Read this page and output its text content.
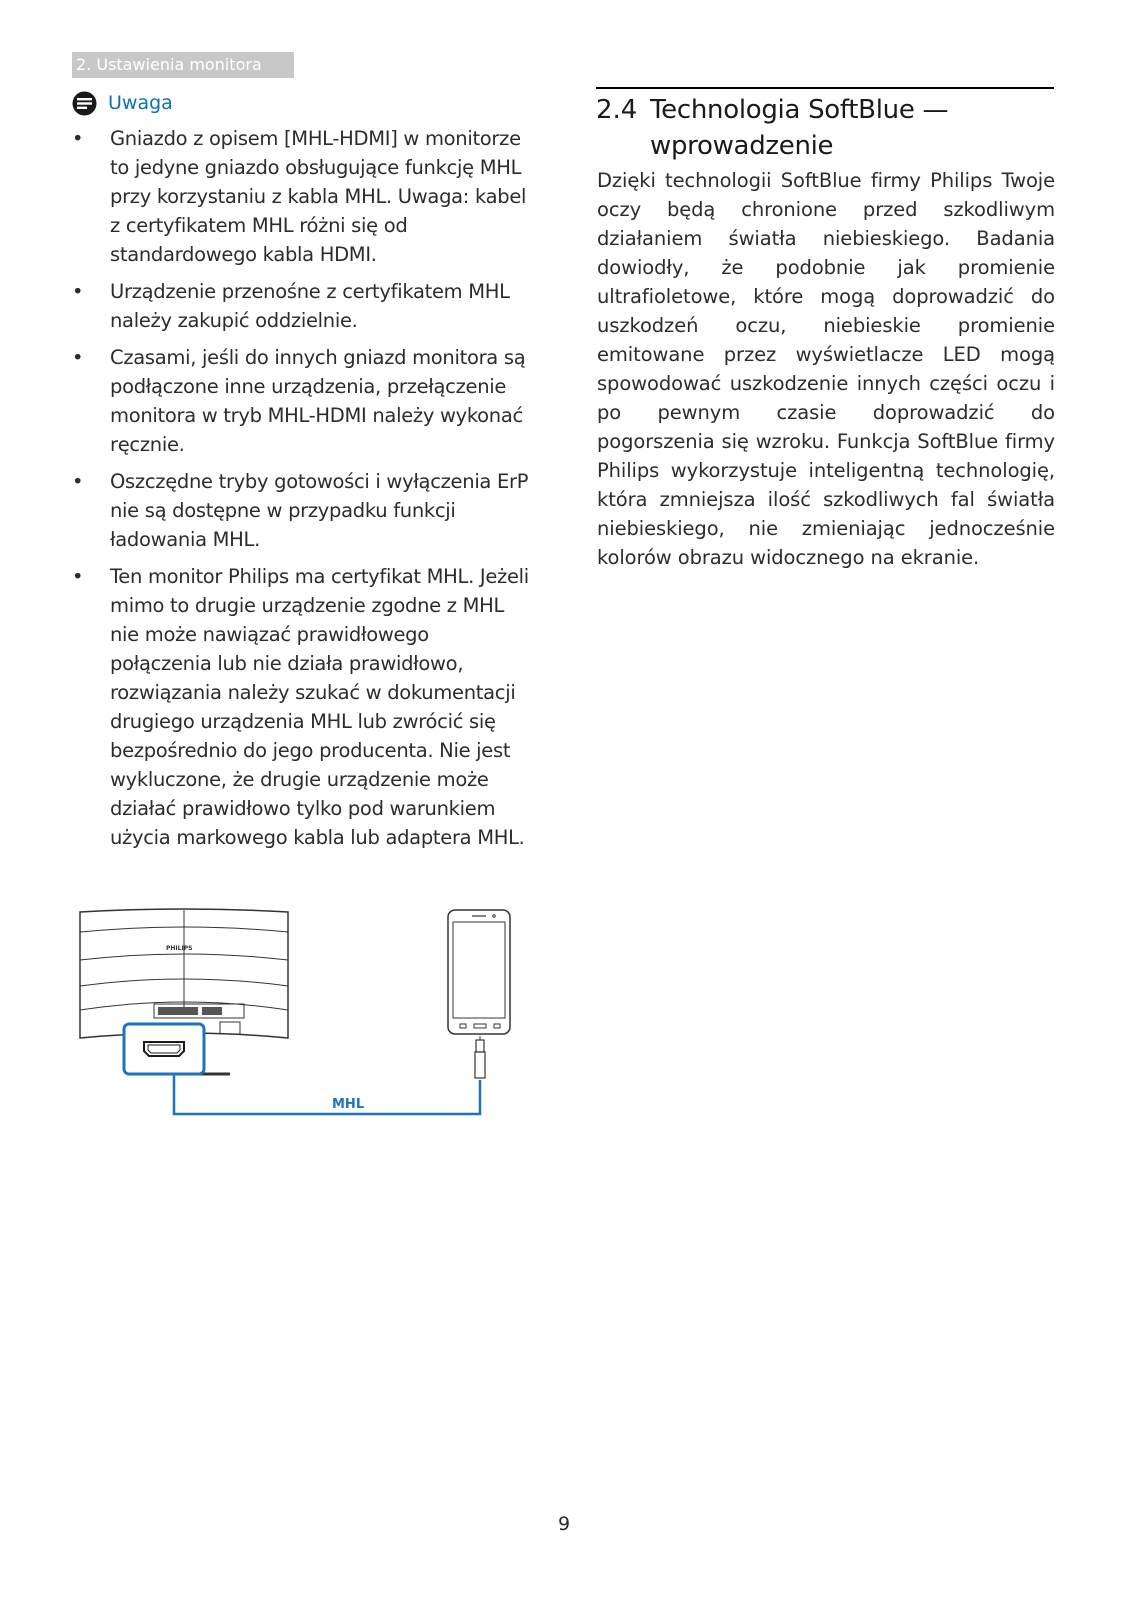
2. Ustawienia monitora
Uwaga
• Gniazdo z opisem [MHL-HDMI] w monitorze to jedyne gniazdo obsługujące funkcję MHL przy korzystaniu z kabla MHL. Uwaga: kabel z certyfikatem MHL różni się od standardowego kabla HDMI.
• Urządzenie przenośne z certyfikatem MHL należy zakupić oddzielnie.
• Czasami, jeśli do innych gniazd monitora są podłączone inne urządzenia, przełączenie monitora w tryb MHL-HDMI należy wykonać ręcznie.
• Oszczędne tryby gotowości i wyłączenia ErP nie są dostępne w przypadku funkcji ładowania MHL.
• Ten monitor Philips ma certyfikat MHL. Jeżeli mimo to drugie urządzenie zgodne z MHL nie może nawiązać prawidłowego połączenia lub nie działa prawidłowo, rozwiązania należy szukać w dokumentacji drugiego urządzenia MHL lub zwrócić się bezpośrednio do jego producenta. Nie jest wykluczone, że drugie urządzenie może działać prawidłowo tylko pod warunkiem użycia markowego kabla lub adaptera MHL.
PHILIPS
MHL
2.4 Technologia SoftBlue — wprowadzenie

Dzięki technologii SoftBlue firmy Philips Twoje oczy będą chronione przed szkodliwym działaniem światła niebieskiego. Badania dowiodły, że podobnie jak promienie ultrafioletowe, które mogą doprowadzić do uszkodzeń oczu, niebieskie promienie emitowane przez wyświetlacze LED mogą spowodować uszkodzenie innych części oczu i po pewnym czasie doprowadzić do pogorszenia się wzroku. Funkcja SoftBlue firmy Philips wykorzystuje inteligentną technologię, która zmniejsza ilość szkodliwych fal światła niebieskiego, nie zmieniając jednocześnie kolorów obrazu widocznego na ekranie.

9
